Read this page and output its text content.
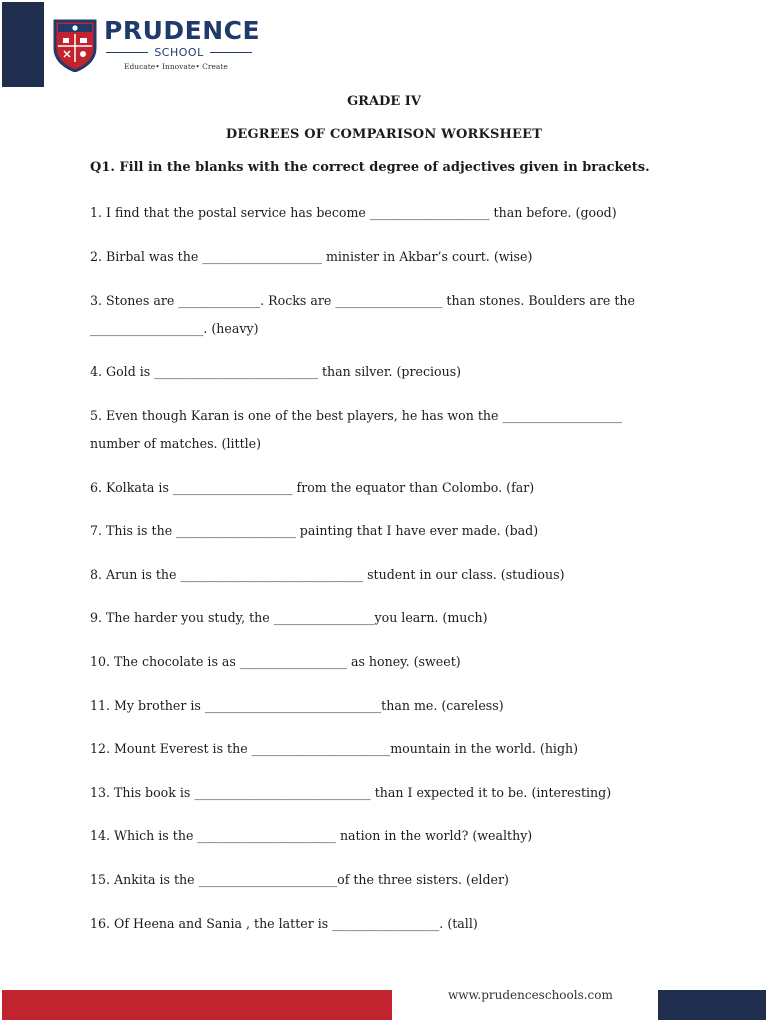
PRUDENCE
SCHOOL
Educate• Innovate• Create
GRADE IV
DEGREES OF COMPARISON WORKSHEET
Q1. Fill in the blanks with the correct degree of adjectives given in brackets.
1. I find that the postal service has become ___________________ than before. (good)
2. Birbal was the ___________________ minister in Akbar’s court. (wise)
3. Stones are _____________. Rocks are _________________ than stones. Boulders are the
__________________. (heavy)
4. Gold is __________________________ than silver. (precious)
5. Even though Karan is one of the best players, he has won the ___________________
number of matches. (little)
6. Kolkata is ___________________ from the equator than Colombo. (far)
7. This is the ___________________ painting that I have ever made. (bad)
8. Arun is the _____________________________ student in our class. (studious)
9. The harder you study, the ________________you learn. (much)
10. The chocolate is as _________________ as honey. (sweet)
11. My brother is ____________________________than me. (careless)
12. Mount Everest is the ______________________mountain in the world. (high)
13. This book is ____________________________ than I expected it to be. (interesting)
14. Which is the ______________________ nation in the world? (wealthy)
15. Ankita is the ______________________of the three sisters. (elder)
16. Of Heena and Sania , the latter is _________________. (tall)
www.prudenceschools.com
